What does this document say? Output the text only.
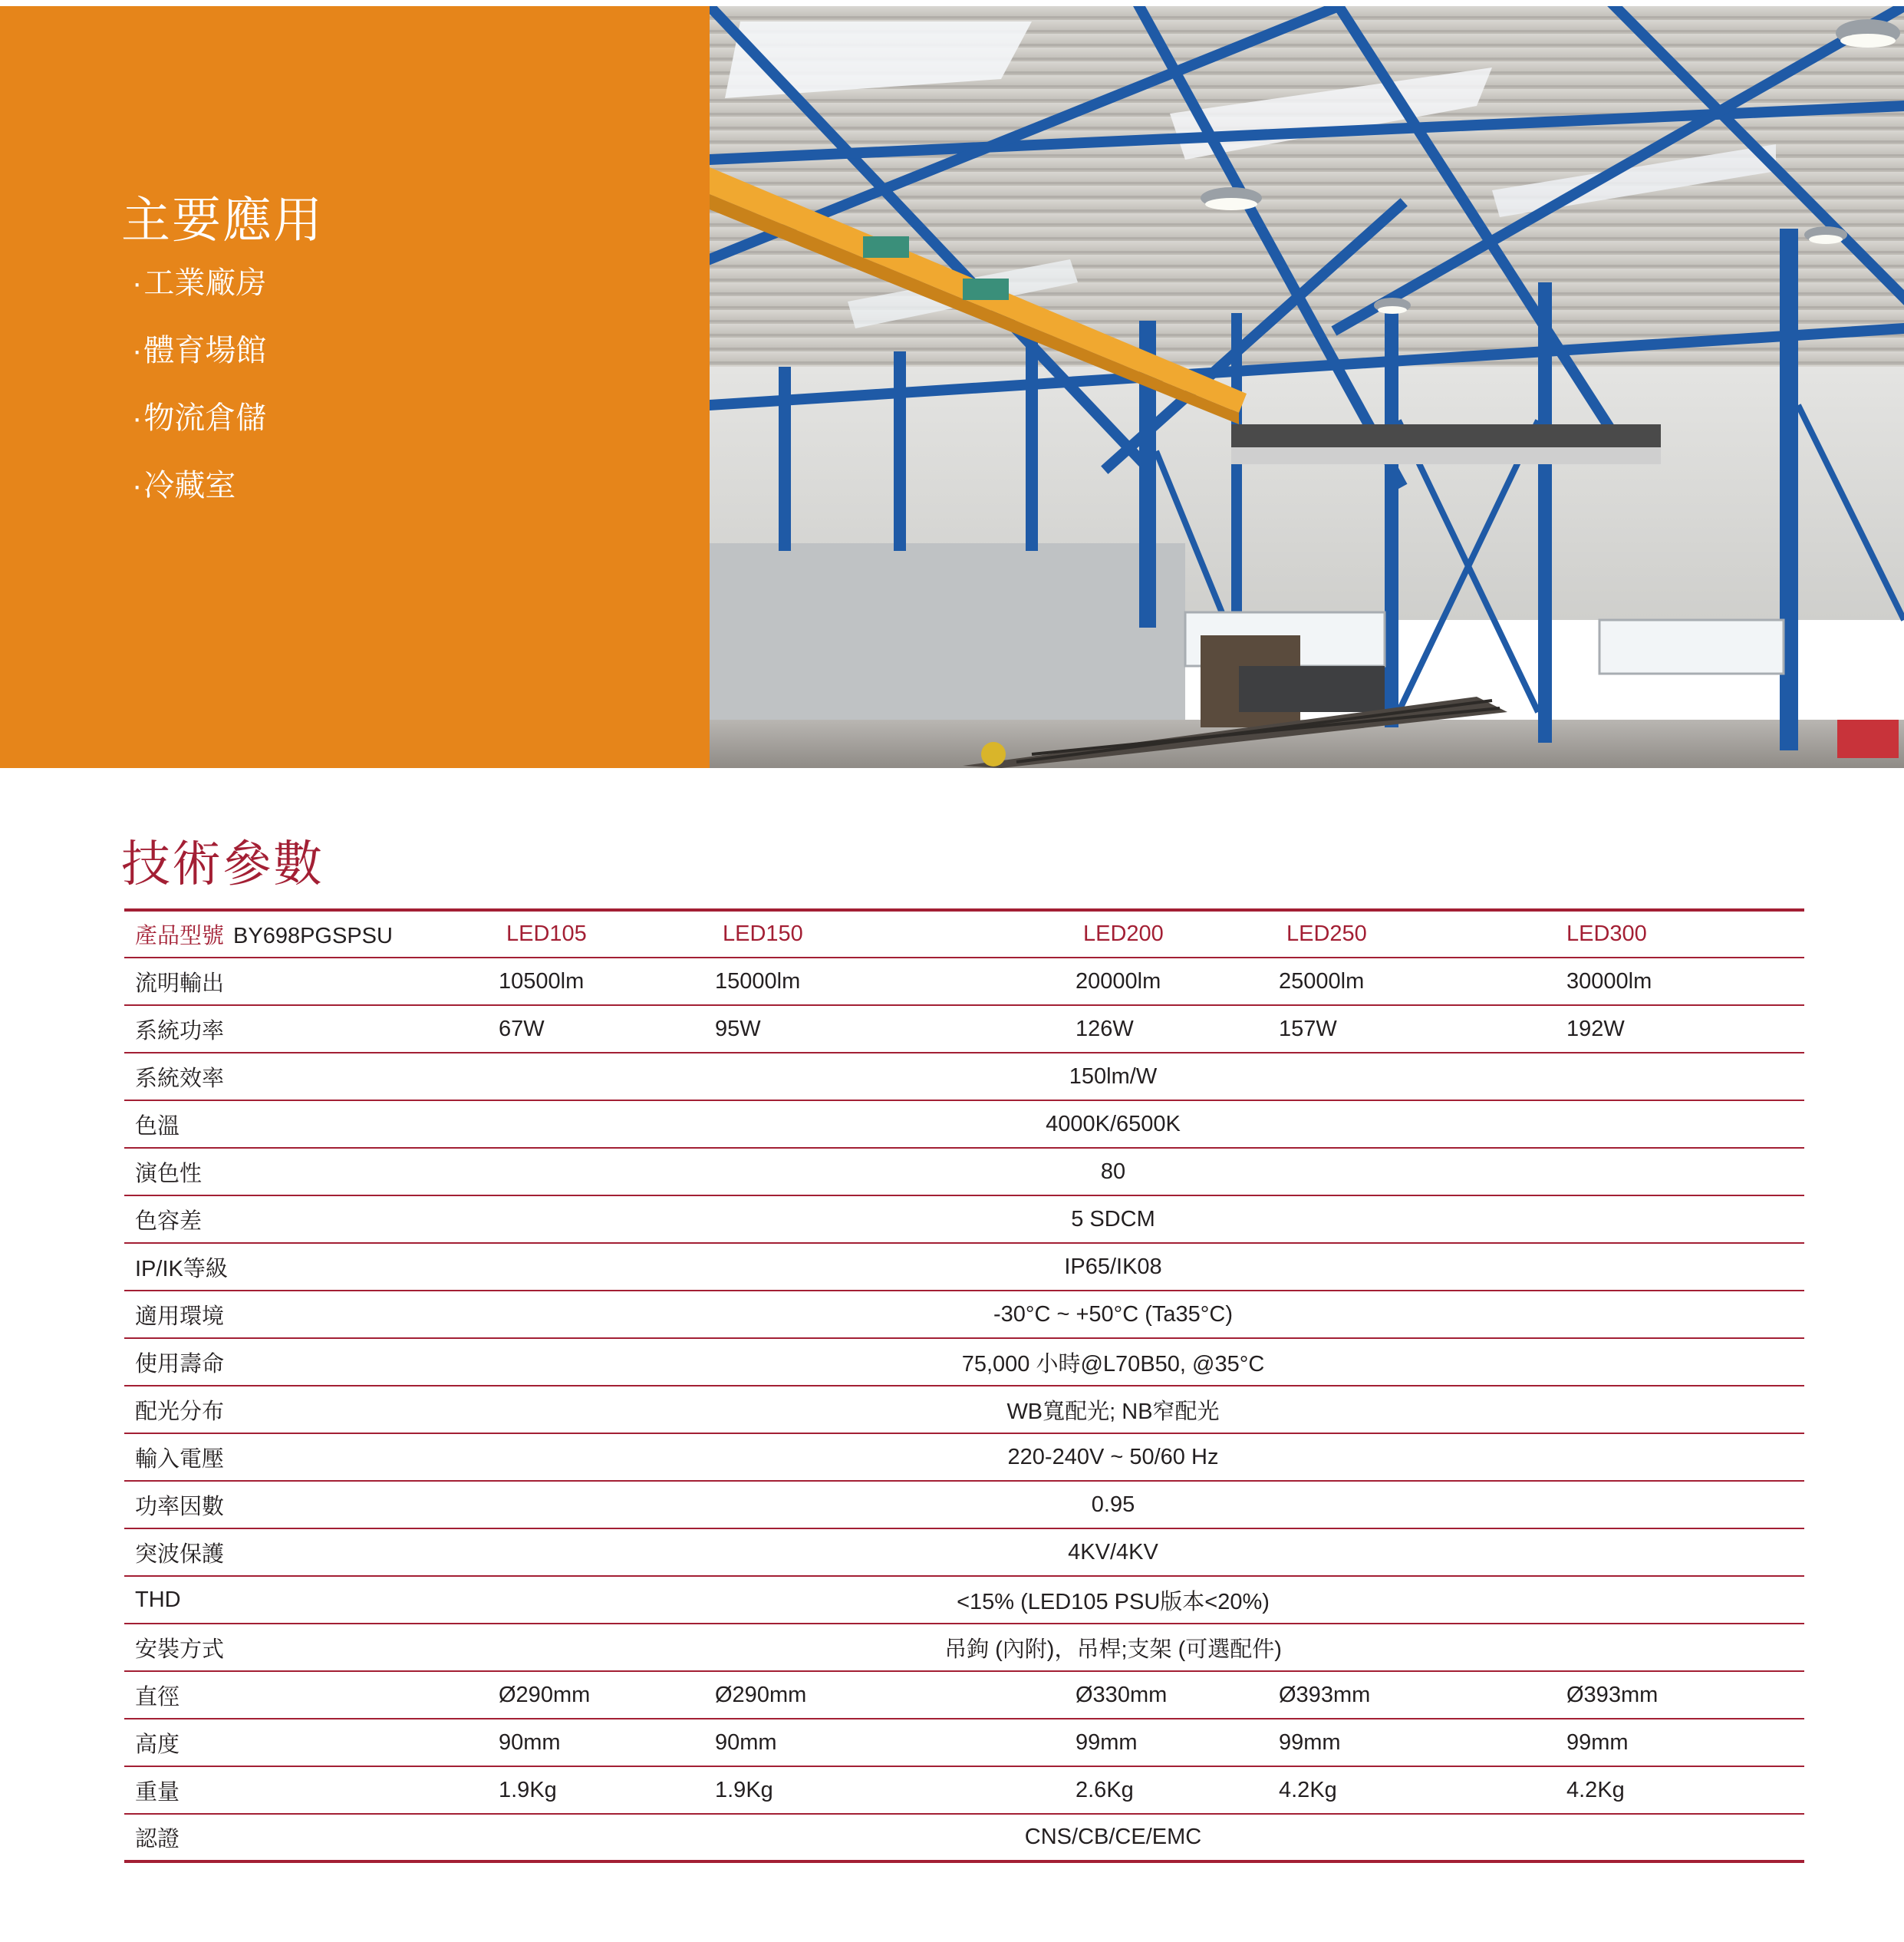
主要應用
· 工業廠房
· 體育場館
· 物流倉儲
· 冷藏室
技術參數
產品型號 BY698PGSPSU	LED105	LED150	LED200	LED250	LED300
流明輸出	10500lm	15000lm	20000lm	25000lm	30000lm
系統功率	67W	95W	126W	157W	192W
系統效率	150lm/W				
色溫	4000K/6500K				
演色性	80				
色容差	5 SDCM				
IP/IK等級	IP65/IK08				
適用環境	-30°C ~ +50°C (Ta35°C)				
使用壽命	75,000 小時@L70B50, @35°C				
配光分布	WB寬配光; NB窄配光				
輸入電壓	220-240V ~ 50/60 Hz				
功率因數	0.95				
突波保護	4KV/4KV				
THD	<15% (LED105 PSU版本<20%)				
安裝方式	吊鉤 (內附)，吊桿;支架 (可選配件)				
直徑	Ø290mm	Ø290mm	Ø330mm	Ø393mm	Ø393mm
高度	90mm	90mm	99mm	99mm	99mm
重量	1.9Kg	1.9Kg	2.6Kg	4.2Kg	4.2Kg
認證	CNS/CB/CE/EMC				
